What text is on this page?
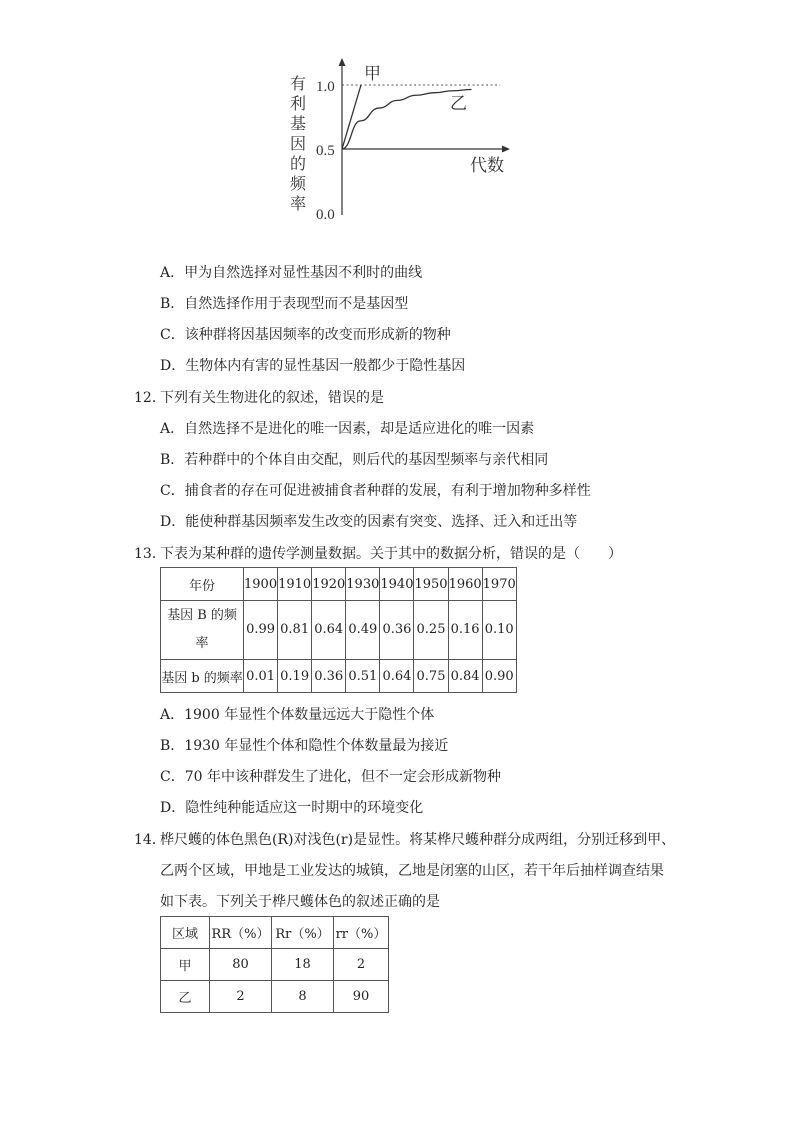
有
利
基
因
的
频
率
1.0
0.5
0.0
甲
乙
代数
A．甲为自然选择对显性基因不利时的曲线
B．自然选择作用于表现型而不是基因型
C．该种群将因基因频率的改变而形成新的物种
D．生物体内有害的显性基因一般都少于隐性基因
12．
下列有关生物进化的叙述，错误的是
A．自然选择不是进化的唯一因素，却是适应进化的唯一因素
B．若种群中的个体自由交配，则后代的基因型频率与亲代相同
C．捕食者的存在可促进被捕食者种群的发展，有利于增加物种多样性
D．能使种群基因频率发生改变的因素有突变、选择、迁入和迁出等
13．
下表为某种群的遗传学测量数据。关于其中的数据分析，错误的是（　　）
年份	1900	1910	1920	1930	1940	1950	1960	1970

基因 B 的频
率	0.99	0.81	0.64	0.49	0.36	0.25	0.16	0.10
基因 b 的频率	0.01	0.19	0.36	0.51	0.64	0.75	0.84	0.90
A．1900 年显性个体数量远远大于隐性个体
B．1930 年显性个体和隐性个体数量最为接近
C．70 年中该种群发生了进化，但不一定会形成新物种
D．隐性纯种能适应这一时期中的环境变化
14．
桦尺蠖的体色黑色(R)对浅色(r)是显性。将某桦尺蠖种群分成两组，分别迁移到甲、
乙两个区域，甲地是工业发达的城镇，乙地是闭塞的山区，若干年后抽样调查结果
如下表。下列关于桦尺蠖体色的叙述正确的是
区域	RR（%）	Rr（%）	rr（%）
甲	80	18	2
乙	2	8	90
